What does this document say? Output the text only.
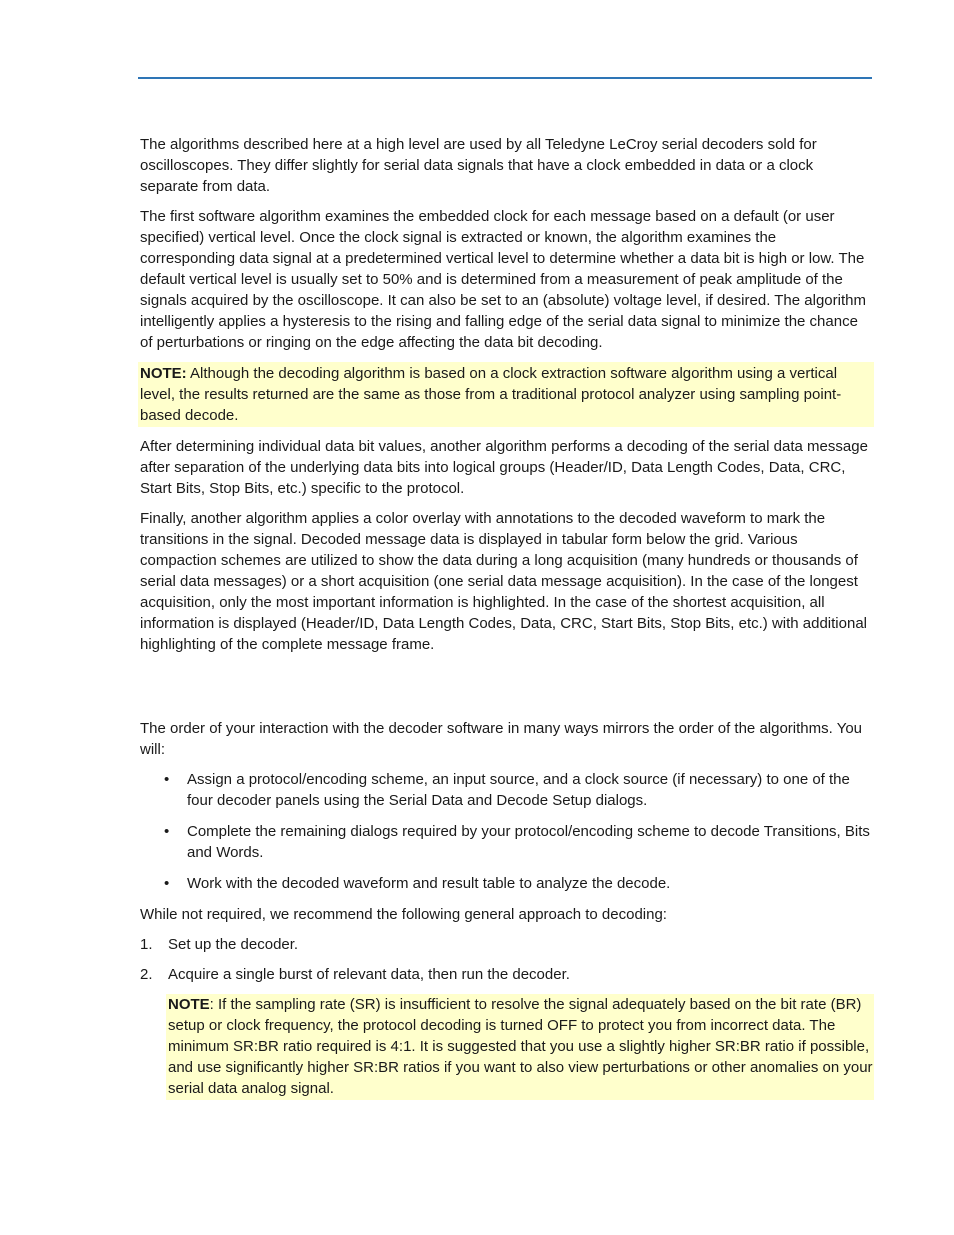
The algorithms described here at a high level are used by all Teledyne LeCroy serial decoders sold for oscilloscopes. They differ slightly for serial data signals that have a clock embedded in data or a clock separate from data.

The first software algorithm examines the embedded clock for each message based on a default (or user specified) vertical level. Once the clock signal is extracted or known, the algorithm examines the corresponding data signal at a predetermined vertical level to determine whether a data bit is high or low. The default vertical level is usually set to 50% and is determined from a measurement of peak amplitude of the signals acquired by the oscilloscope. It can also be set to an (absolute) voltage level, if desired. The algorithm intelligently applies a hysteresis to the rising and falling edge of the serial data signal to minimize the chance of perturbations or ringing on the edge affecting the data bit decoding.

NOTE: Although the decoding algorithm is based on a clock extraction software algorithm using a vertical level, the results returned are the same as those from a traditional protocol analyzer using sampling point-based decode.

After determining individual data bit values, another algorithm performs a decoding of the serial data message after separation of the underlying data bits into logical groups (Header/ID, Data Length Codes, Data, CRC, Start Bits, Stop Bits, etc.) specific to the protocol.

Finally, another algorithm applies a color overlay with annotations to the decoded waveform to mark the transitions in the signal. Decoded message data is displayed in tabular form below the grid. Various compaction schemes are utilized to show the data during a long acquisition (many hundreds or thousands of serial data messages) or a short acquisition (one serial data message acquisition). In the case of the longest acquisition, only the most important information is highlighted. In the case of the shortest acquisition, all information is displayed (Header/ID, Data Length Codes, Data, CRC, Start Bits, Stop Bits, etc.) with additional highlighting of the complete message frame.

The order of your interaction with the decoder software in many ways mirrors the order of the algorithms. You will:

• Assign a protocol/encoding scheme, an input source, and a clock source (if necessary) to one of the four decoder panels using the Serial Data and Decode Setup dialogs.
• Complete the remaining dialogs required by your protocol/encoding scheme to decode Transitions, Bits and Words.
• Work with the decoded waveform and result table to analyze the decode.

While not required, we recommend the following general approach to decoding:

1. Set up the decoder.
2. Acquire a single burst of relevant data, then run the decoder.
NOTE: If the sampling rate (SR) is insufficient to resolve the signal adequately based on the bit rate (BR) setup or clock frequency, the protocol decoding is turned OFF to protect you from incorrect data. The minimum SR:BR ratio required is 4:1. It is suggested that you use a slightly higher SR:BR ratio if possible, and use significantly higher SR:BR ratios if you want to also view perturbations or other anomalies on your serial data analog signal.
